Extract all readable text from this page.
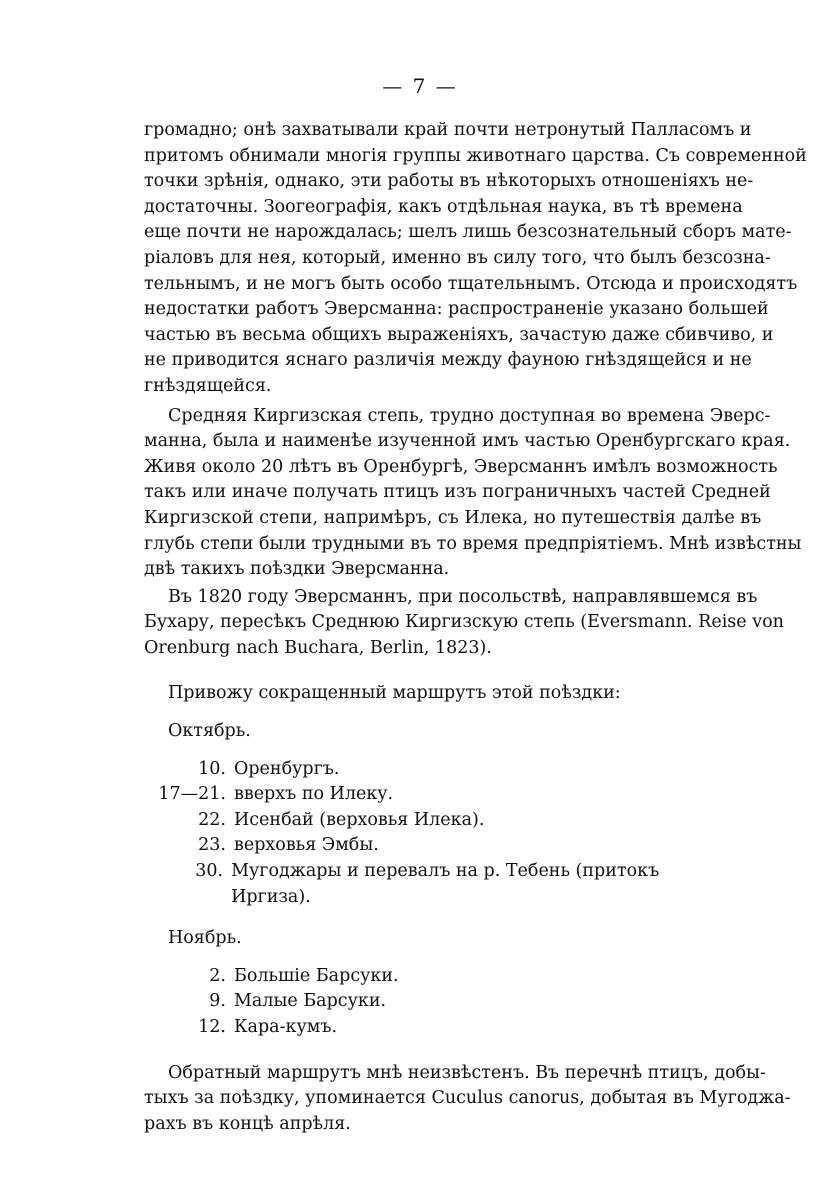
— 7 —
громадно; онѣ захватывали край почти нетронутый Палласомъ и
притомъ обнимали многія группы животнаго царства. Съ современной
точки зрѣнія, однако, эти работы въ нѣкоторыхъ отношеніяхъ не-
достаточны. Зоогеографія, какъ отдѣльная наука, въ тѣ времена
еще почти не нарождалась; шелъ лишь безсознательный сборъ мате-
ріаловъ для нея, который, именно въ силу того, что былъ безсозна-
тельнымъ, и не могъ быть особо тщательнымъ. Отсюда и происходятъ
недостатки работъ Эверсманна: распространеніе указано большей
частью въ весьма общихъ выраженіяхъ, зачастую даже сбивчиво, и
не приводится яснаго различія между фауною гнѣздящейся и не
гнѣздящейся.
Средняя Киргизская степь, трудно доступная во времена Эверс-
манна, была и наименѣе изученной имъ частью Оренбургскаго края.
Живя около 20 лѣтъ въ Оренбургѣ, Эверсманнъ имѣлъ возможность
такъ или иначе получать птицъ изъ пограничныхъ частей Средней
Киргизской степи, напримѣръ, съ Илека, но путешествія далѣе въ
глубь степи были трудными въ то время предпріятіемъ. Мнѣ извѣстны
двѣ такихъ поѣздки Эверсманна.
Въ 1820 году Эверсманнъ, при посольствѣ, направлявшемся въ
Бухару, пересѣкъ Среднюю Киргизскую степь (Eversmann. Reise von
Orenburg nach Buchara, Berlin, 1823).
Привожу сокращенный маршрутъ этой поѣздки:
Октябрь.
10. Оренбургъ.
17—21. вверхъ по Илеку.
22. Исенбай (верховья Илека).
23. верховья Эмбы.
30. Мугоджары и перевалъ на р. Тебень (притокъ Иргиза).
Ноябрь.
2. Большіе Барсуки.
9. Малые Барсуки.
12. Кара-кумъ.
Обратный маршрутъ мнѣ неизвѣстенъ. Въ перечнѣ птицъ, добы-
тыхъ за поѣздку, упоминается Cuculus canorus, добытая въ Мугоджа-
рахъ въ концѣ апрѣля.
